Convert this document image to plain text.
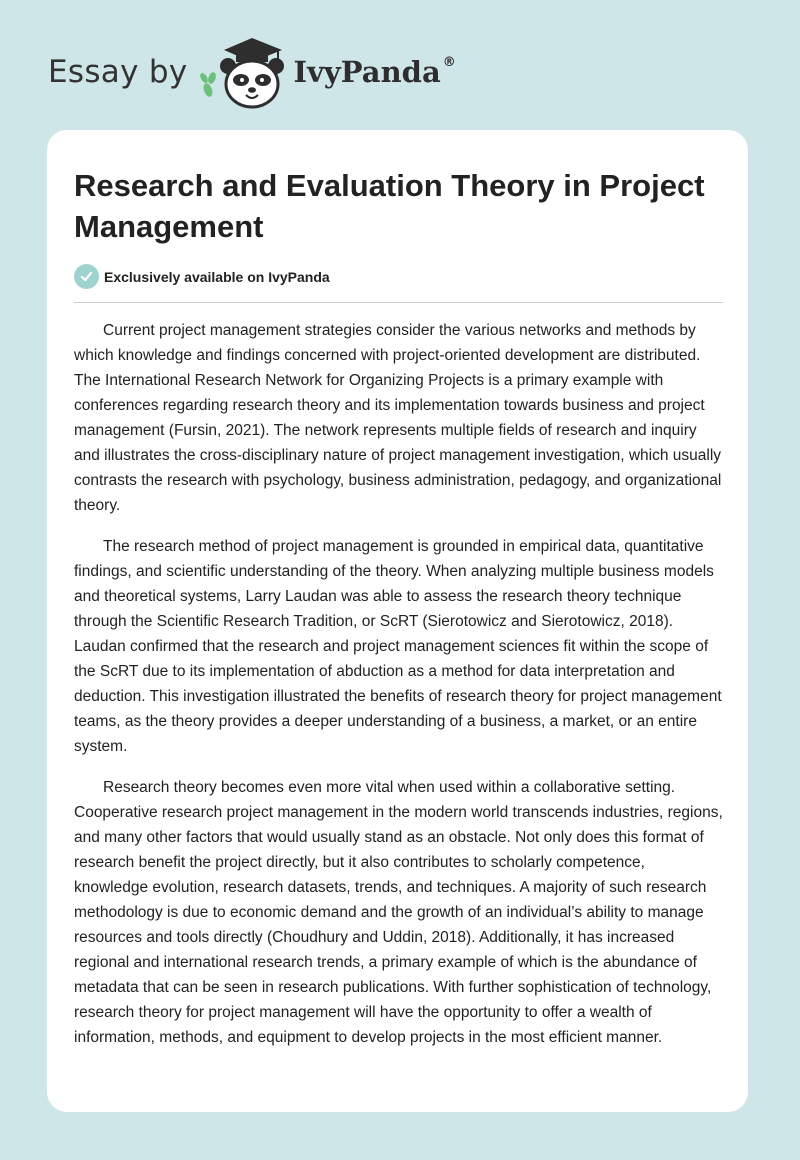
Essay by	IvyPanda ®
Research and Evaluation Theory in Project Management
Exclusively available on IvyPanda

Current project management strategies consider the various networks and methods by which knowledge and findings concerned with project-oriented development are distributed. The International Research Network for Organizing Projects is a primary example with conferences regarding research theory and its implementation towards business and project management (Fursin, 2021). The network represents multiple fields of research and inquiry and illustrates the cross-disciplinary nature of project management investigation, which usually contrasts the research with psychology, business administration, pedagogy, and organizational theory.

The research method of project management is grounded in empirical data, quantitative findings, and scientific understanding of the theory. When analyzing multiple business models and theoretical systems, Larry Laudan was able to assess the research theory technique through the Scientific Research Tradition, or ScRT (Sierotowicz and Sierotowicz, 2018). Laudan confirmed that the research and project management sciences fit within the scope of the ScRT due to its implementation of abduction as a method for data interpretation and deduction. This investigation illustrated the benefits of research theory for project management teams, as the theory provides a deeper understanding of a business, a market, or an entire system.

Research theory becomes even more vital when used within a collaborative setting. Cooperative research project management in the modern world transcends industries, regions, and many other factors that would usually stand as an obstacle. Not only does this format of research benefit the project directly, but it also contributes to scholarly competence, knowledge evolution, research datasets, trends, and techniques. A majority of such research methodology is due to economic demand and the growth of an individual’s ability to manage resources and tools directly (Choudhury and Uddin, 2018). Additionally, it has increased regional and international research trends, a primary example of which is the abundance of metadata that can be seen in research publications. With further sophistication of technology, research theory for project management will have the opportunity to offer a wealth of information, methods, and equipment to develop projects in the most efficient manner.
